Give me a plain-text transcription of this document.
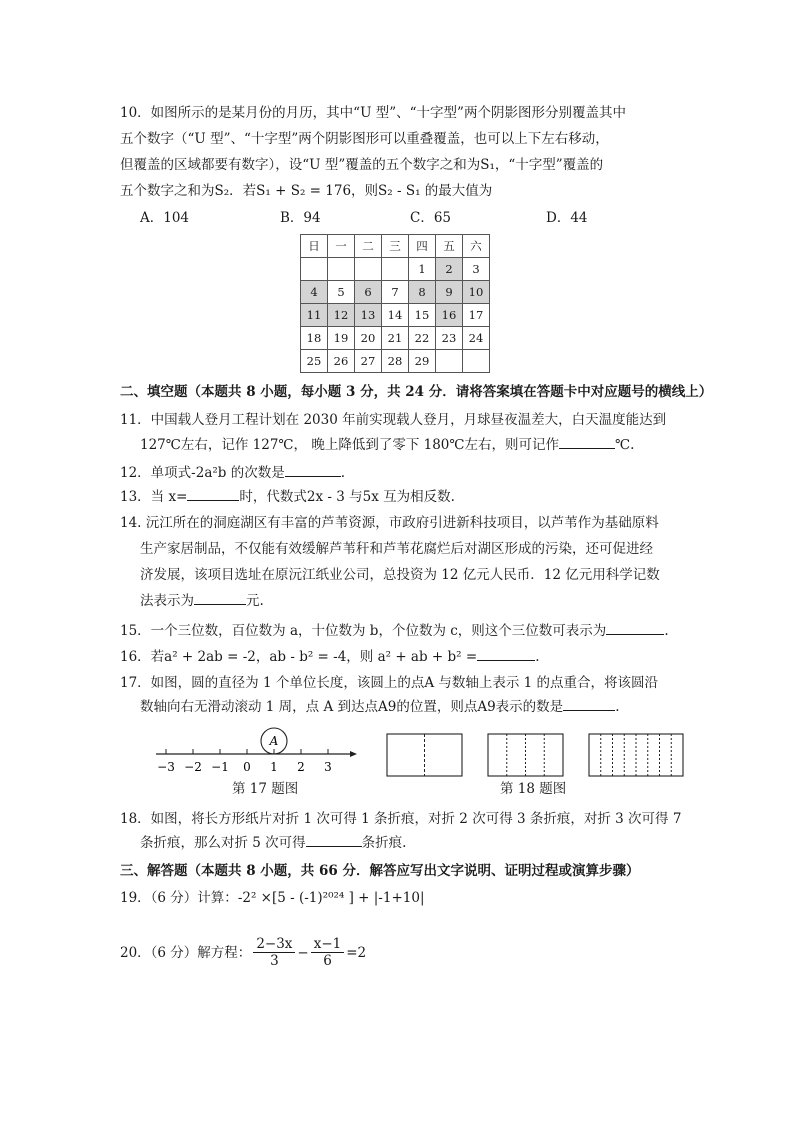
10．如图所示的是某月份的月历，其中“U 型”、“十字型”两个阴影图形分别覆盖其中
五个数字（“U 型”、“十字型”两个阴影图形可以重叠覆盖，也可以上下左右移动，
但覆盖的区域都要有数字），设“U 型”覆盖的五个数字之和为S₁，“十字型”覆盖的
五个数字之和为S₂．若S₁ + S₂ = 176，则S₂ - S₁ 的最大值为
A．104	B．94	C．65	D．44
日	一	二	三	四	五	六
				1	2	3
4	5	6	7	8	9	10
11	12	13	14	15	16	17
18	19	20	21	22	23	24
25	26	27	28	29		
二、填空题（本题共 8 小题，每小题 3 分，共 24 分．请将答案填在答题卡中对应题号的横线上）
11．中国载人登月工程计划在 2030 年前实现载人登月，月球昼夜温差大，白天温度能达到
127℃左右，记作 127℃， 晚上降低到了零下 180℃左右，则可记作	℃.
12．单项式-2a²b 的次数是	.
13．当 x=	时，代数式2x - 3 与5x 互为相反数.
14. 沅江所在的洞庭湖区有丰富的芦苇资源，市政府引进新科技项目，以芦苇作为基础原料
生产家居制品，不仅能有效缓解芦苇秆和芦苇花腐烂后对湖区形成的污染，还可促进经
济发展，该项目选址在原沅江纸业公司，总投资为 12 亿元人民币．12 亿元用科学记数
法表示为	元.
15．一个三位数，百位数为 a，十位数为 b，个位数为 c，则这个三位数可表示为	.
16．若a² + 2ab = -2，ab - b² = -4，则 a² + ab + b² =	.
17．如图，圆的直径为 1 个单位长度，该圆上的点A 与数轴上表示 1 的点重合，将该圆沿
数轴向右无滑动滚动 1 周，点 A 到达点A9的位置，则点A9表示的数是	.
A
−3 −2 −1 0 1 2 3
第 17 题图	第 18 题图
18．如图，将长方形纸片对折 1 次可得 1 条折痕，对折 2 次可得 3 条折痕，对折 3 次可得 7
条折痕，那么对折 5 次可得	条折痕.
三、解答题（本题共 8 小题，共 66 分．解答应写出文字说明、证明过程或演算步骤）
19．（6 分）计算：-2² ×[5 - (-1)²⁰²⁴ ] + |-1+10|
20．（6 分）解方程： $\frac{2-3x}{3} - \frac{x-1}{6} =2$
